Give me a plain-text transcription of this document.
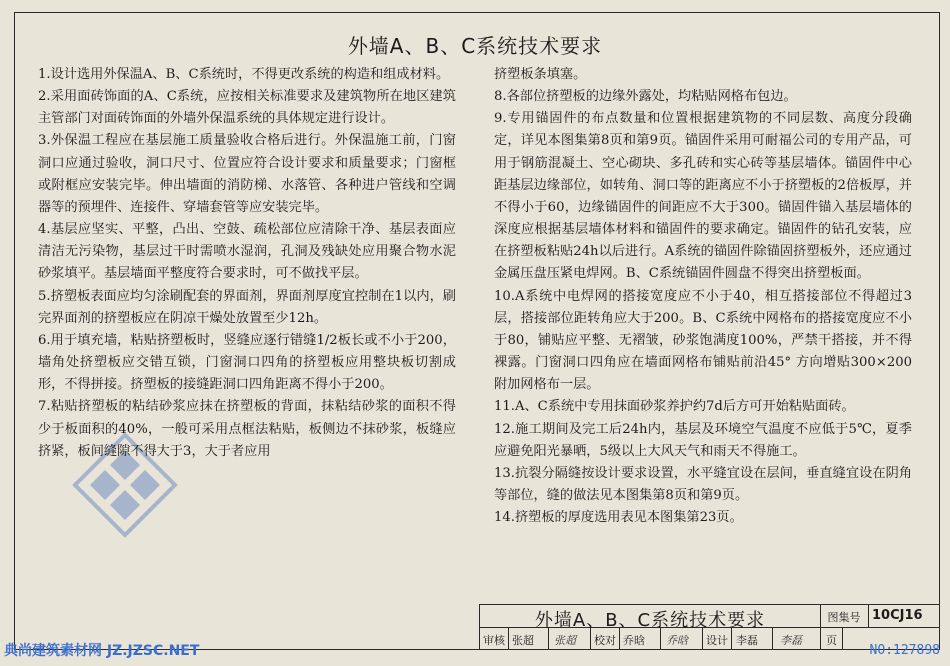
外墙A、B、C系统技术要求

1.设计选用外保温A、B、C系统时，不得更改系统的构造和组成材料。

2.采用面砖饰面的A、C系统，应按相关标准要求及建筑物所在地区建筑主管部门对面砖饰面的外墙外保温系统的具体规定进行设计。

3.外保温工程应在基层施工质量验收合格后进行。外保温施工前，门窗洞口应通过验收，洞口尺寸、位置应符合设计要求和质量要求；门窗框或附框应安装完毕。伸出墙面的消防梯、水落管、各种进户管线和空调器等的预埋件、连接件、穿墙套管等应安装完毕。

4.基层应坚实、平整，凸出、空鼓、疏松部位应清除干净、基层表面应清洁无污染物，基层过干时需喷水湿润，孔洞及残缺处应用聚合物水泥砂浆填平。基层墙面平整度符合要求时，可不做找平层。

5.挤塑板表面应均匀涂刷配套的界面剂，界面剂厚度宜控制在1以内，刷完界面剂的挤塑板应在阴凉干燥处放置至少12h。

6.用于填充墙，粘贴挤塑板时，竖缝应逐行错缝1/2板长或不小于200，墙角处挤塑板应交错互锁，门窗洞口四角的挤塑板应用整块板切割成形，不得拼接。挤塑板的接缝距洞口四角距离不得小于200。

7.粘贴挤塑板的粘结砂浆应抹在挤塑板的背面，抹粘结砂浆的面积不得少于板面积的40%，一般可采用点框法粘贴，板侧边不抹砂浆，板缝应挤紧，板间缝隙不得大于3，大于者应用

挤塑板条填塞。

8.各部位挤塑板的边缘外露处，均粘贴网格布包边。

9.专用锚固件的布点数量和位置根据建筑物的不同层数、高度分段确定，详见本图集第8页和第9页。锚固件采用可耐福公司的专用产品，可用于钢筋混凝土、空心砌块、多孔砖和实心砖等基层墙体。锚固件中心距基层边缘部位，如转角、洞口等的距离应不小于挤塑板的2倍板厚，并不得小于60，边缘锚固件的间距应不大于300。锚固件锚入基层墙体的深度应根据基层墙体材料和锚固件的要求确定。锚固件的钻孔安装，应在挤塑板粘贴24h以后进行。A系统的锚固件除锚固挤塑板外，还应通过金属压盘压紧电焊网。B、C系统锚固件圆盘不得突出挤塑板面。

10.A系统中电焊网的搭接宽度应不小于40，相互搭接部位不得超过3层，搭接部位距转角应大于200。B、C系统中网格布的搭接宽度应不小于80，铺贴应平整、无褶皱，砂浆饱满度100%，严禁干搭接，并不得裸露。门窗洞口四角应在墙面网格布铺贴前沿45° 方向增贴300×200附加网格布一层。

11.A、C系统中专用抹面砂浆养护约7d后方可开始粘贴面砖。

12.施工期间及完工后24h内，基层及环境空气温度不应低于5℃，夏季应避免阳光暴晒，5级以上大风天气和雨天不得施工。

13.抗裂分隔缝按设计要求设置，水平缝宜设在层间，垂直缝宜设在阴角等部位，缝的做法见本图集第8页和第9页。

14.挤塑板的厚度选用表见本图集第23页。

外墙A、B、C系统技术要求	图集号 10CJ16
审核 张超 张超 校对 乔晗 乔晗 设计 李磊 李磊 页
典尚建筑素材网 JZ.JZSC.NET	NO:127898
